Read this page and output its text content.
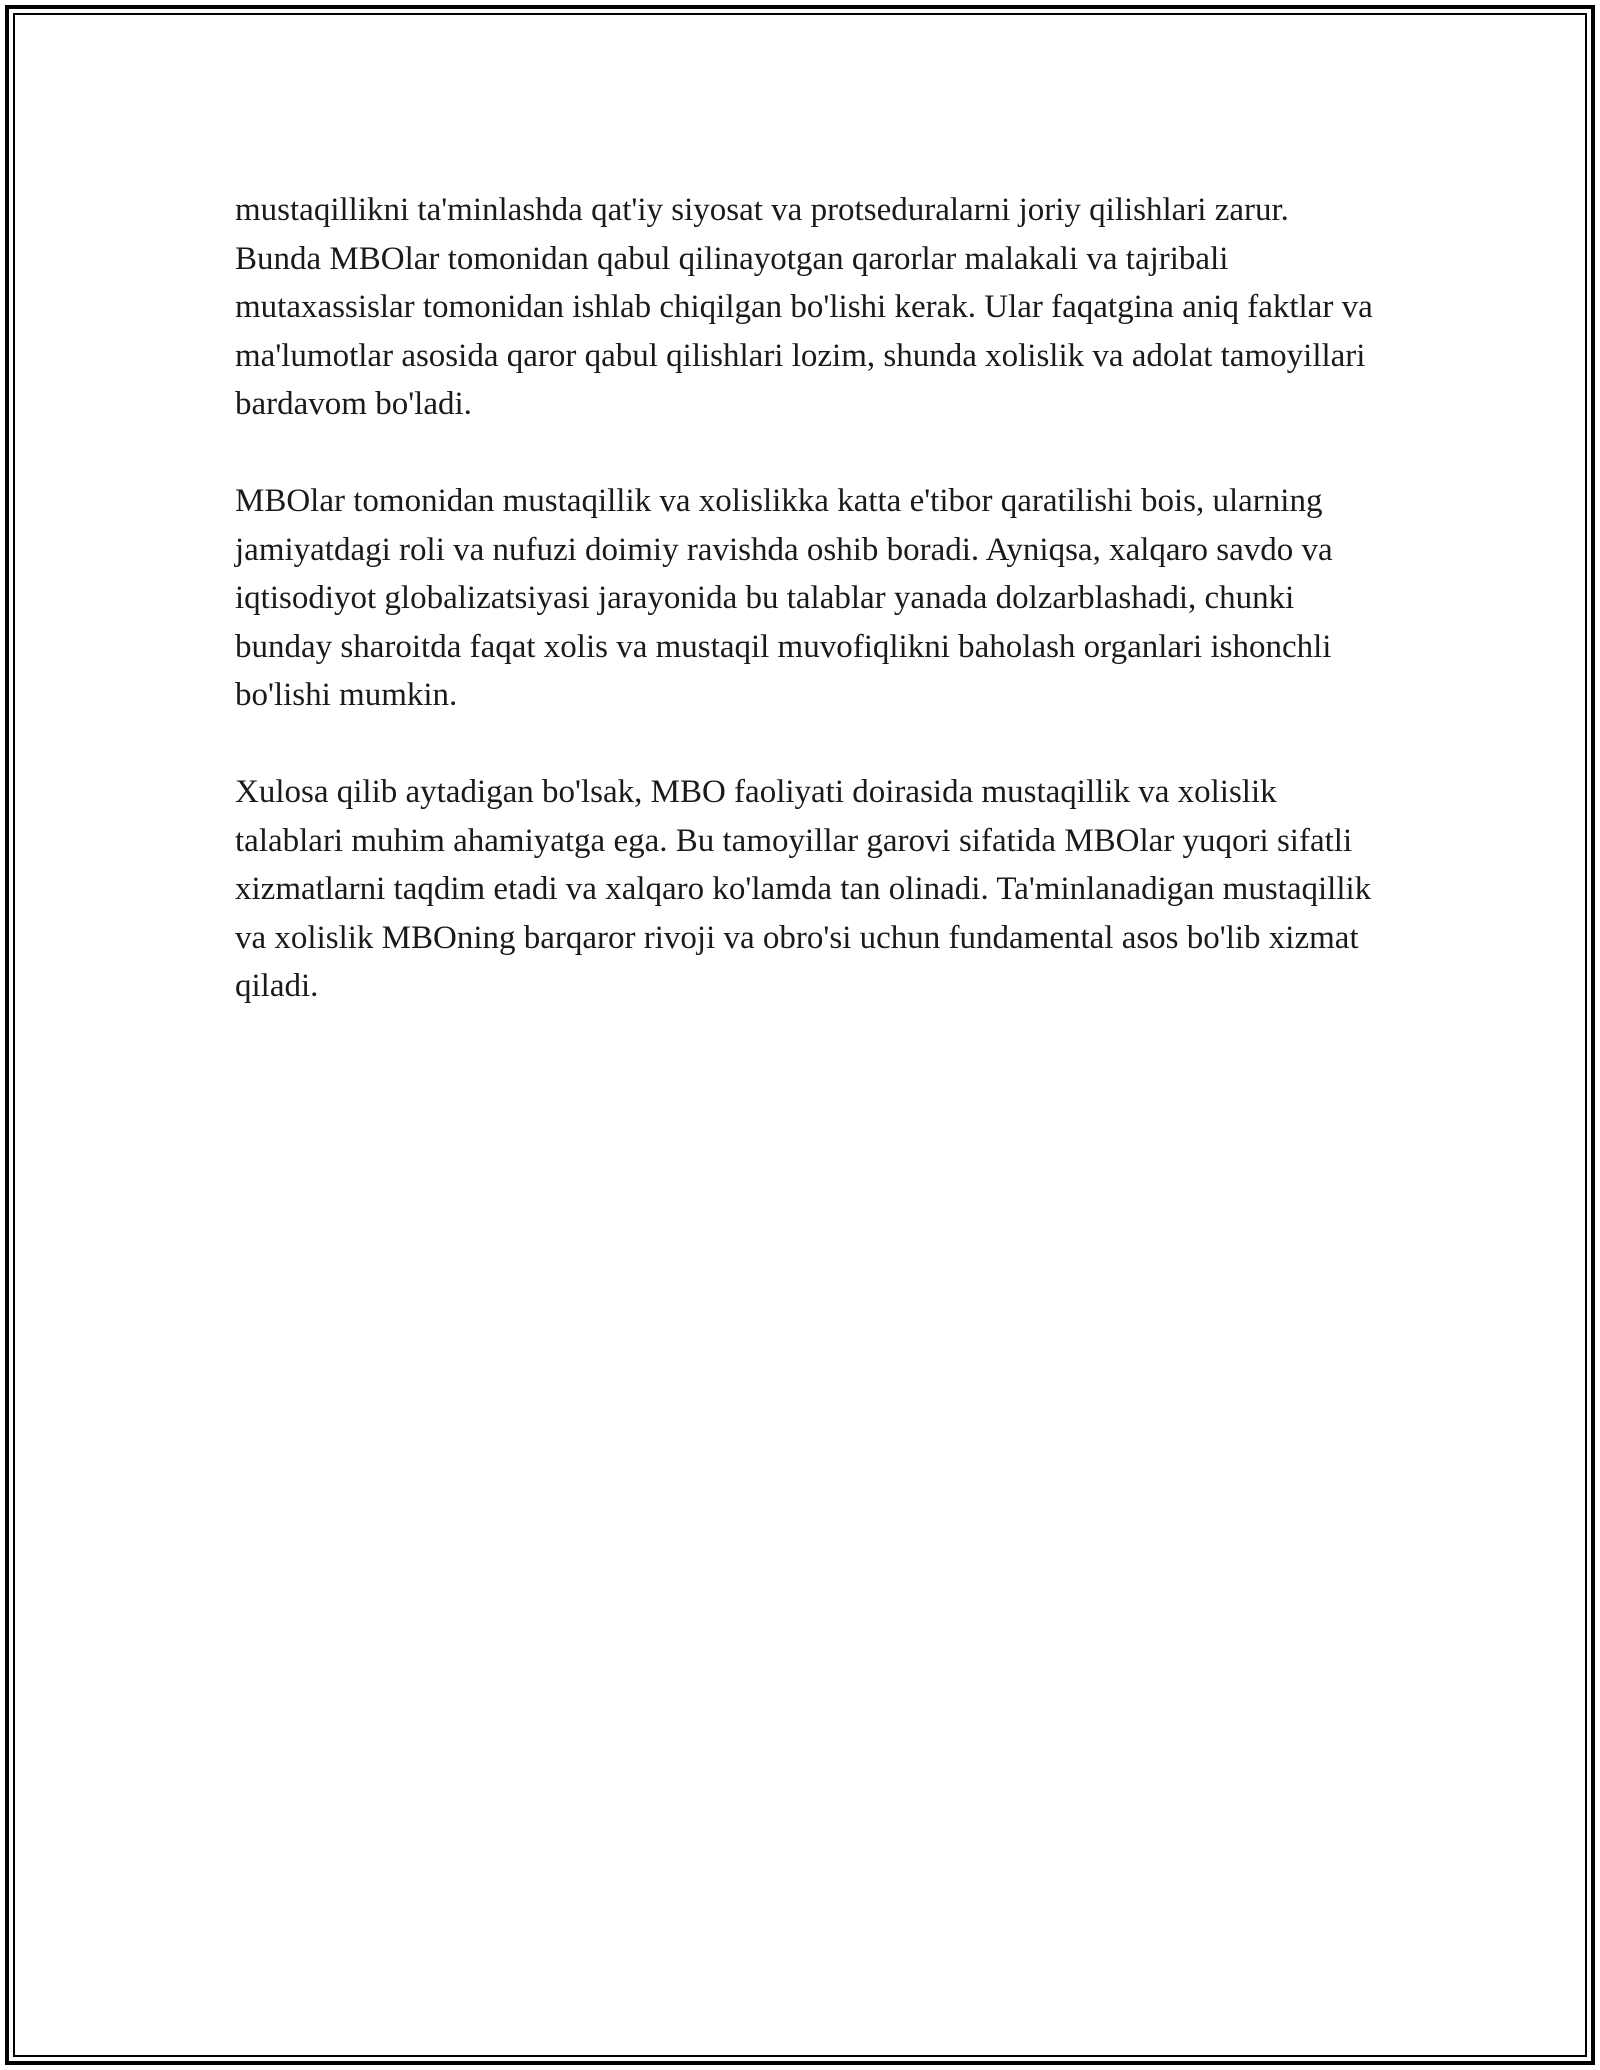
mustaqillikni ta'minlashda qat'iy siyosat va protseduralarni joriy qilishlari zarur. Bunda MBOlar tomonidan qabul qilinayotgan qarorlar malakali va tajribali mutaxassislar tomonidan ishlab chiqilgan bo'lishi kerak. Ular faqatgina aniq faktlar va ma'lumotlar asosida qaror qabul qilishlari lozim, shunda xolislik va adolat tamoyillari bardavom bo'ladi.

MBOlar tomonidan mustaqillik va xolislikka katta e'tibor qaratilishi bois, ularning jamiyatdagi roli va nufuzi doimiy ravishda oshib boradi. Ayniqsa, xalqaro savdo va iqtisodiyot globalizatsiyasi jarayonida bu talablar yanada dolzarblashadi, chunki bunday sharoitda faqat xolis va mustaqil muvofiqlikni baholash organlari ishonchli bo'lishi mumkin.

Xulosa qilib aytadigan bo'lsak, MBO faoliyati doirasida mustaqillik va xolislik talablari muhim ahamiyatga ega. Bu tamoyillar garovi sifatida MBOlar yuqori sifatli xizmatlarni taqdim etadi va xalqaro ko'lamda tan olinadi. Ta'minlanadigan mustaqillik va xolislik MBOning barqaror rivoji va obro'si uchun fundamental asos bo'lib xizmat qiladi.
